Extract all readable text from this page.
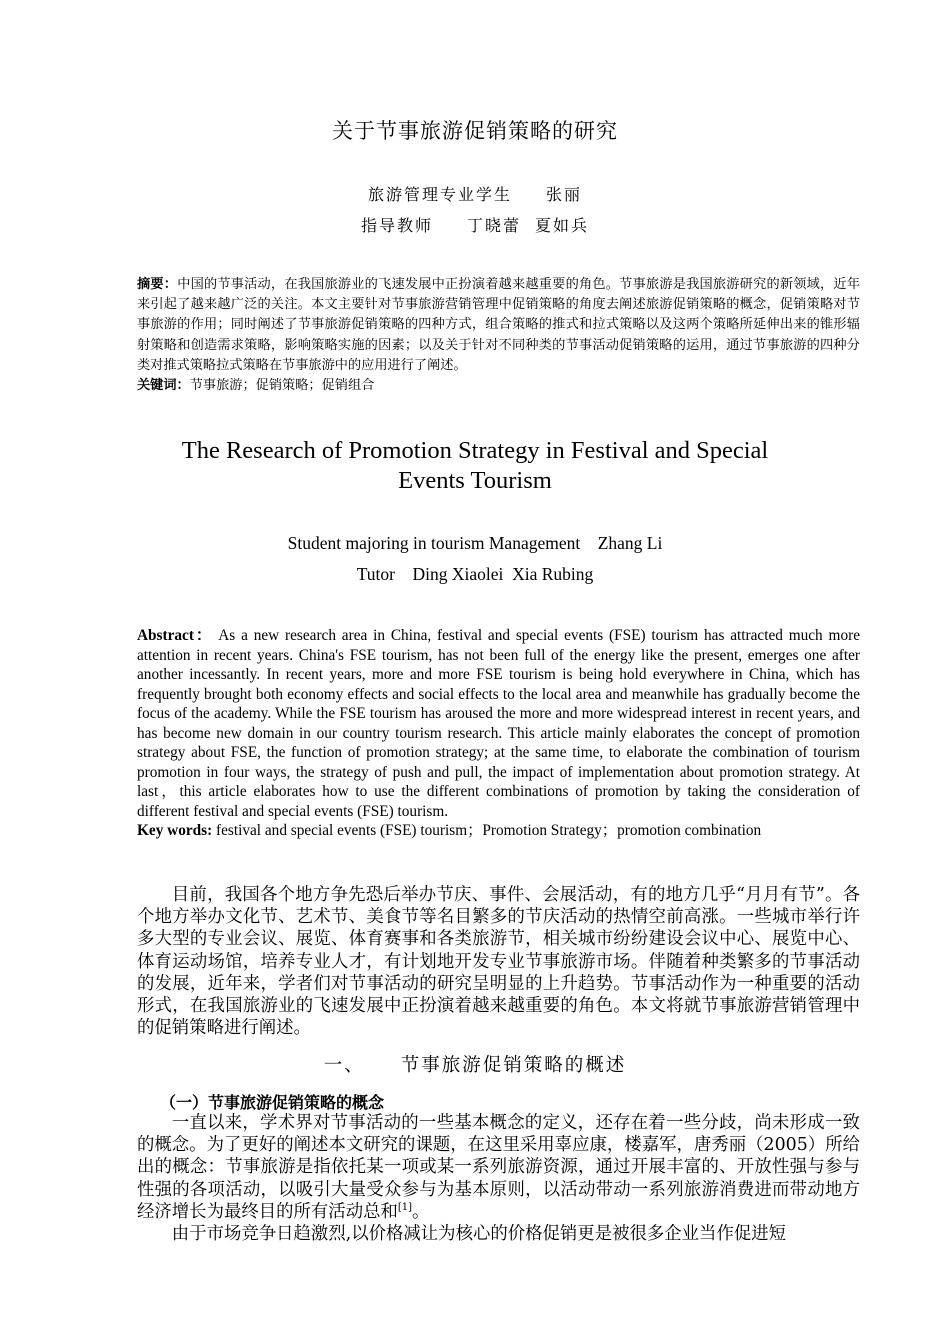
关于节事旅游促销策略的研究
旅游管理专业学生 张丽
指导教师 丁晓蕾 夏如兵
摘要：中国的节事活动，在我国旅游业的飞速发展中正扮演着越来越重要的角色。节事旅游是我国旅游研究的新领域，近年来引起了越来越广泛的关注。本文主要针对节事旅游营销管理中促销策略的角度去阐述旅游促销策略的概念，促销策略对节事旅游的作用；同时阐述了节事旅游促销策略的四种方式，组合策略的推式和拉式策略以及这两个策略所延伸出来的锥形辐射策略和创造需求策略，影响策略实施的因素；以及关于针对不同种类的节事活动促销策略的运用，通过节事旅游的四种分类对推式策略拉式策略在节事旅游中的应用进行了阐述。
关键词：节事旅游；促销策略；促销组合
The Research of Promotion Strategy in Festival and Special
Events Tourism
Student majoring in tourism Management    Zhang Li
Tutor    Ding Xiaolei  Xia Rubing
Abstract： As a new research area in China, festival and special events (FSE) tourism has attracted much more attention in recent years. China's FSE tourism, has not been full of the energy like the present, emerges one after another incessantly. In recent years, more and more FSE tourism is being hold everywhere in China, which has frequently brought both economy effects and social effects to the local area and meanwhile has gradually become the focus of the academy. While the FSE tourism has aroused the more and more widespread interest in recent years, and has become new domain in our country tourism research. This article mainly elaborates the concept of promotion strategy about FSE, the function of promotion strategy; at the same time, to elaborate the combination of tourism promotion in four ways, the strategy of push and pull, the impact of implementation about promotion strategy. At last，this article elaborates how to use the different combinations of promotion by taking the consideration of different festival and special events (FSE) tourism.
Key words: festival and special events (FSE) tourism；Promotion Strategy；promotion combination
目前，我国各个地方争先恐后举办节庆、事件、会展活动，有的地方几乎“月月有节”。各个地方举办文化节、艺术节、美食节等名目繁多的节庆活动的热情空前高涨。一些城市举行许多大型的专业会议、展览、体育赛事和各类旅游节，相关城市纷纷建设会议中心、展览中心、体育运动场馆，培养专业人才，有计划地开发专业节事旅游市场。伴随着种类繁多的节事活动的发展，近年来，学者们对节事活动的研究呈明显的上升趋势。节事活动作为一种重要的活动形式，在我国旅游业的飞速发展中正扮演着越来越重要的角色。本文将就节事旅游营销管理中的促销策略进行阐述。
一、 节事旅游促销策略的概述
（一）节事旅游促销策略的概念
一直以来，学术界对节事活动的一些基本概念的定义，还存在着一些分歧，尚未形成一致的概念。为了更好的阐述本文研究的课题，在这里采用辜应康，楼嘉军，唐秀丽（2005）所给出的概念：节事旅游是指依托某一项或某一系列旅游资源，通过开展丰富的、开放性强与参与性强的各项活动，以吸引大量受众参与为基本原则，以活动带动一系列旅游消费进而带动地方经济增长为最终目的所有活动总和[1]。
由于市场竞争日趋激烈,以价格减让为核心的价格促销更是被很多企业当作促进短
